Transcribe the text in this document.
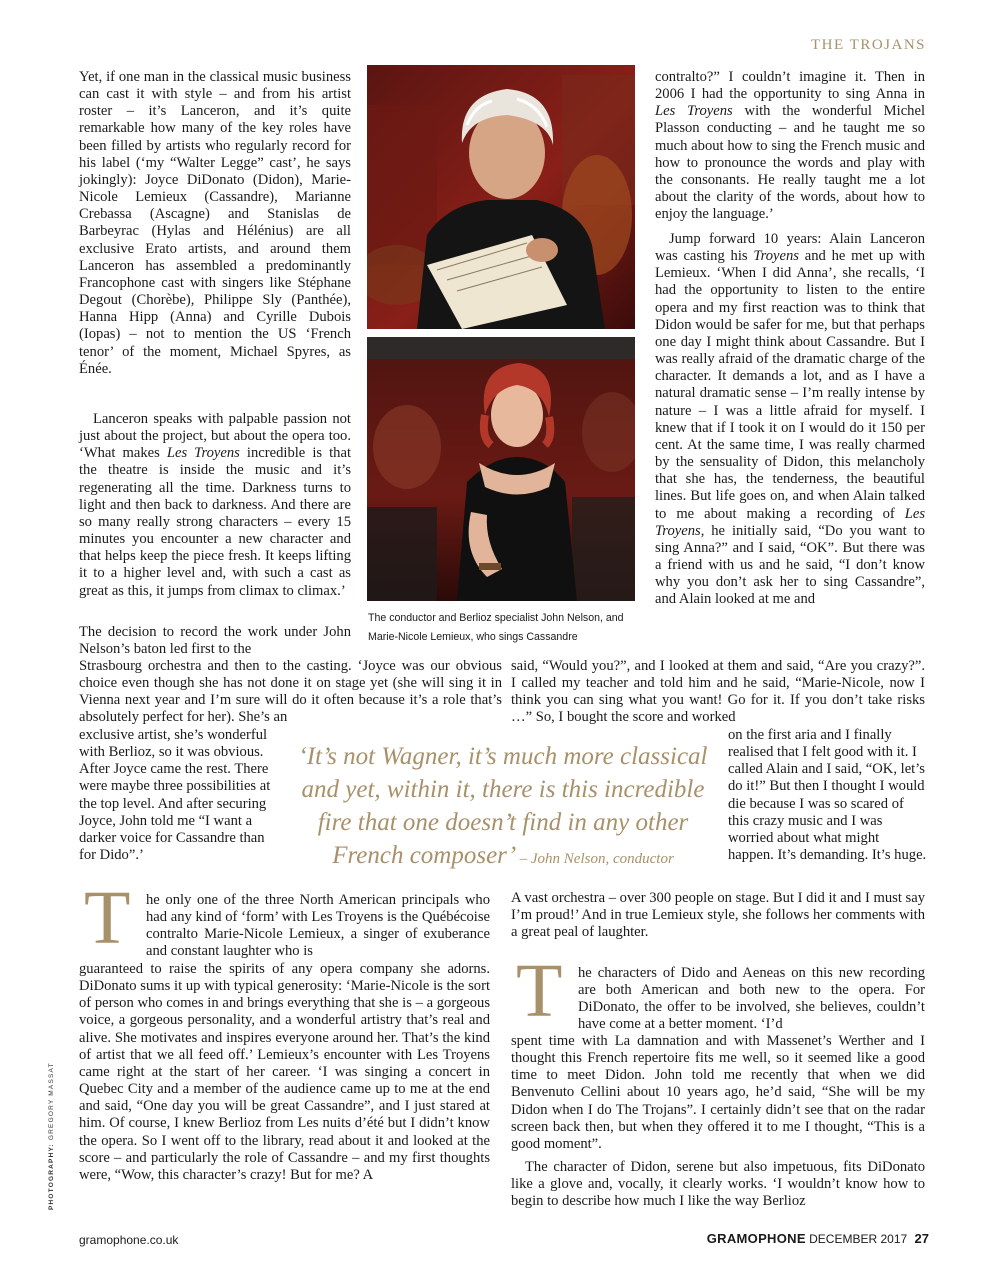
THE TROJANS

Yet, if one man in the classical music business can cast it with style – and from his artist roster – it’s Lanceron, and it’s quite remarkable how many of the key roles have been filled by artists who regularly record for his label (‘my “Walter Legge” cast’, he says jokingly): Joyce DiDonato (Didon), Marie-Nicole Lemieux (Cassandre), Marianne Crebassa (Ascagne) and Stanislas de Barbeyrac (Hylas and Hélénius) are all exclusive Erato artists, and around them Lanceron has assembled a predominantly Francophone cast with singers like Stéphane Degout (Chorèbe), Philippe Sly (Panthée), Hanna Hipp (Anna) and Cyrille Dubois (Iopas) – not to mention the US ‘French tenor’ of the moment, Michael Spyres, as Énée.

Lanceron speaks with palpable passion not just about the project, but about the opera too. ‘What makes Les Troyens incredible is that the theatre is inside the music and it’s regenerating all the time. Darkness turns to light and then back to darkness. And there are so many really strong characters – every 15 minutes you encounter a new character and that helps keep the piece fresh. It keeps lifting it to a higher level and, with such a cast as great as this, it jumps from climax to climax.’

The decision to record the work under John Nelson’s baton led first to the

Strasbourg orchestra and then to the casting. ‘Joyce was our obvious choice even though she has not done it on stage yet (she will sing it in Vienna next year and I’m sure will do it often because it’s a role that’s absolutely perfect for her). She’s an

exclusive artist, she’s wonderful with Berlioz, so it was obvious. After Joyce came the rest. There were maybe three possibilities at the top level. And after securing Joyce, John told me “I want a darker voice for Cassandre than for Dido”.’

The conductor and Berlioz specialist John Nelson, and Marie-Nicole Lemieux, who sings Cassandre

contralto?” I couldn’t imagine it. Then in 2006 I had the opportunity to sing Anna in Les Troyens with the wonderful Michel Plasson conducting – and he taught me so much about how to sing the French music and how to pronounce the words and play with the consonants. He really taught me a lot about the clarity of the words, about how to enjoy the language.’

Jump forward 10 years: Alain Lanceron was casting his Troyens and he met up with Lemieux. ‘When I did Anna’, she recalls, ‘I had the opportunity to listen to the entire opera and my first reaction was to think that Didon would be safer for me, but that perhaps one day I might think about Cassandre. But I was really afraid of the dramatic charge of the character. It demands a lot, and as I have a natural dramatic sense – I’m really intense by nature – I was a little afraid for myself. I knew that if I took it on I would do it 150 per cent. At the same time, I was really charmed by the sensuality of Didon, this melancholy that she has, the tenderness, the beautiful lines. But life goes on, and when Alain talked to me about making a recording of Les Troyens, he initially said, “Do you want to sing Anna?” and I said, “OK”. But there was a friend with us and he said, “I don’t know why you don’t ask her to sing Cassandre”, and Alain looked at me and

said, “Would you?”, and I looked at them and said, “Are you crazy?”. I called my teacher and told him and he said, “Marie-Nicole, now I think you can sing what you want! Go for it. If you don’t take risks …” So, I bought the score and worked

on the first aria and I finally realised that I felt good with it. I called Alain and I said, “OK, let’s do it!” But then I thought I would die because I was so scared of this crazy music and I was worried about what might happen. It’s demanding. It’s huge.

A vast orchestra – over 300 people on stage. But I did it and I must say I’m proud!’ And in true Lemieux style, she follows her comments with a great peal of laughter.

‘It’s not Wagner, it’s much more classical and yet, within it, there is this incredible fire that one doesn’t find in any other French composer’ – John Nelson, conductor
T he only one of the three North American principals who had any kind of ‘form’ with Les Troyens is the Québécoise contralto Marie-Nicole Lemieux, a singer of exuberance and constant laughter who is

guaranteed to raise the spirits of any opera company she adorns. DiDonato sums it up with typical generosity: ‘Marie-Nicole is the sort of person who comes in and brings everything that she is – a gorgeous voice, a gorgeous personality, and a wonderful artistry that’s real and alive. She motivates and inspires everyone around her. That’s the kind of artist that we all feed off.’ Lemieux’s encounter with Les Troyens came right at the start of her career. ‘I was singing a concert in Quebec City and a member of the audience came up to me at the end and said, “One day you will be great Cassandre”, and I just stared at him. Of course, I knew Berlioz from Les nuits d’été but I didn’t know the opera. So I went off to the library, read about it and looked at the score – and particularly the role of Cassandre – and my first thoughts were, “Wow, this character’s crazy! But for me? A

T he characters of Dido and Aeneas on this new recording are both American and both new to the opera. For DiDonato, the offer to be involved, she believes, couldn’t have come at a better moment. ‘I’d

spent time with La damnation and with Massenet’s Werther and I thought this French repertoire fits me well, so it seemed like a good time to meet Didon. John told me recently that when we did Benvenuto Cellini about 10 years ago, he’d said, “She will be my Didon when I do The Trojans”. I certainly didn’t see that on the radar screen back then, but when they offered it to me I thought, “This is a good moment”.

The character of Didon, serene but also impetuous, fits DiDonato like a glove and, vocally, it clearly works. ‘I wouldn’t know how to begin to describe how much I like the way Berlioz

PHOTOGRAPHY: GREGORY MASSAT
gramophone.co.uk	GRAMOPHONE DECEMBER 2017 27
